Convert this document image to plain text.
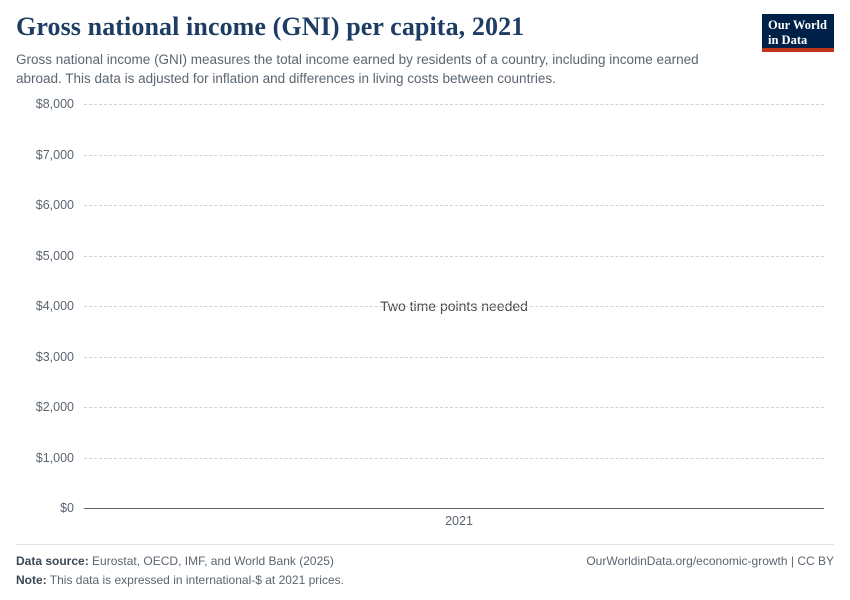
Gross national income (GNI) per capita, 2021

Gross national income (GNI) measures the total income earned by residents of a country, including income earned abroad. This data is adjusted for inflation and differences in living costs between countries.

Our World
in Data
Two time points needed
$0
$1,000
$2,000
$3,000
$4,000
$5,000
$6,000
$7,000
$8,000
2021
Data source: Eurostat, OECD, IMF, and World Bank (2025)	OurWorldinData.org/economic-growth | CC BY
Note: This data is expressed in international-$ at 2021 prices.
